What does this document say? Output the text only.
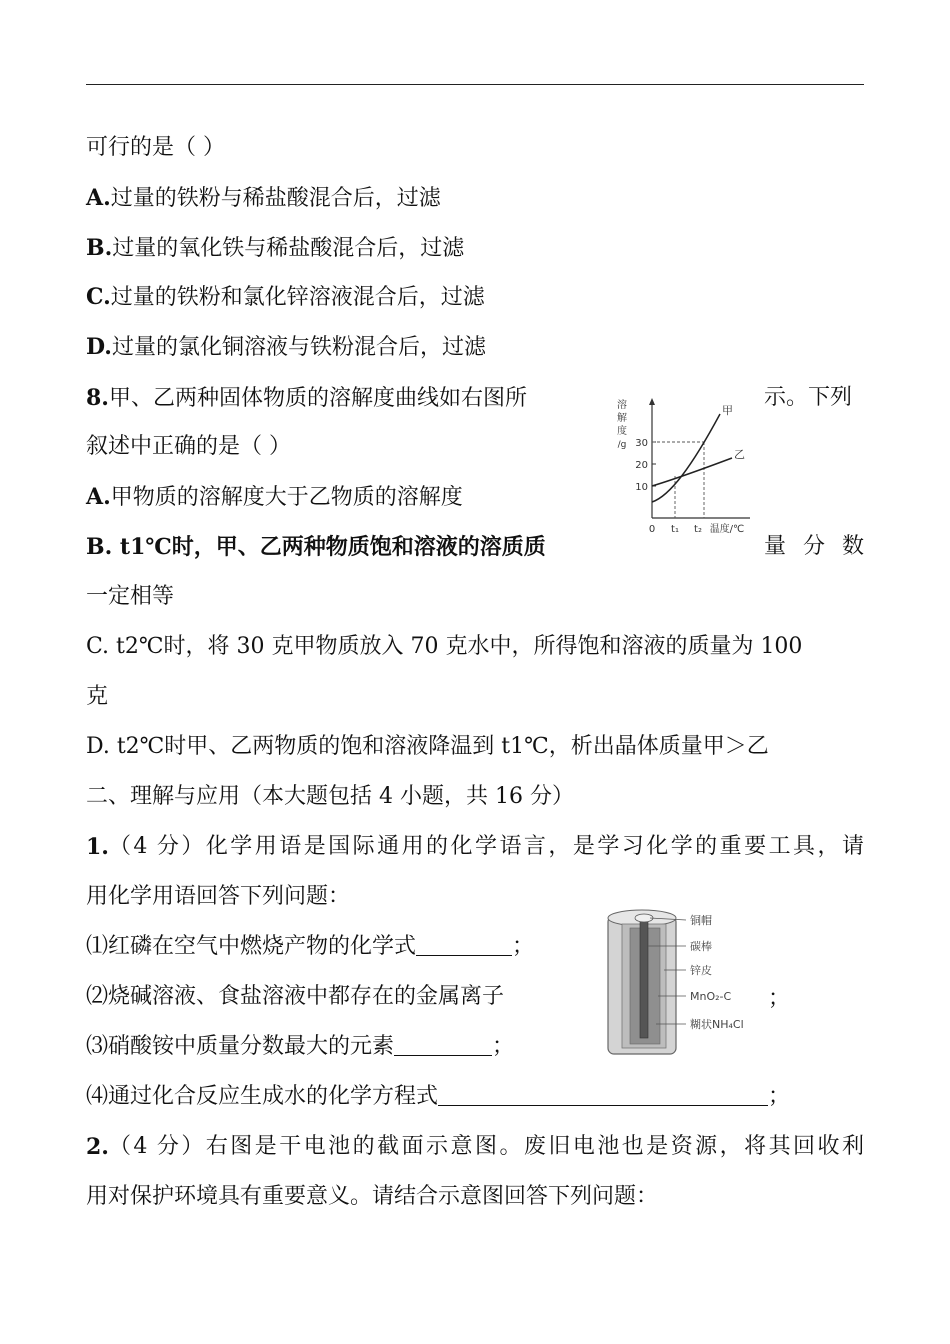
可行的是（ ）
A.过量的铁粉与稀盐酸混合后，过滤
B.过量的氧化铁与稀盐酸混合后，过滤
C.过量的铁粉和氯化锌溶液混合后，过滤
D.过量的氯化铜溶液与铁粉混合后，过滤
8.甲、乙两种固体物质的溶解度曲线如右图所	示。下列
叙述中正确的是（ ）
A.甲物质的溶解度大于乙物质的溶解度
B. t1℃时，甲、乙两种物质饱和溶液的溶质质	量 分 数
一定相等
C. t2℃时，将 30 克甲物质放入 70 克水中，所得饱和溶液的质量为 100
克
D. t2℃时甲、乙两物质的饱和溶液降温到 t1℃，析出晶体质量甲＞乙
溶
解
度
/g 30
20
10
甲
乙
0 t₁ t₂ 温度/℃
二、理解与应用（本大题包括 4 小题，共 16 分）
1. （4 分）化学用语是国际通用的化学语言，是学习化学的重要工具，请
用化学用语回答下列问题：
⑴红磷在空气中燃烧产物的化学式	；
⑵烧碱溶液、食盐溶液中都存在的金属离子	；
⑶硝酸铵中质量分数最大的元素	；
⑷通过化合反应生成水的化学方程式	；
铜帽
碳棒
锌皮
MnO₂-C
糊状NH₄Cl
2. （4 分）右图是干电池的截面示意图。废旧电池也是资源，将其回收利
用对保护环境具有重要意义。请结合示意图回答下列问题：
